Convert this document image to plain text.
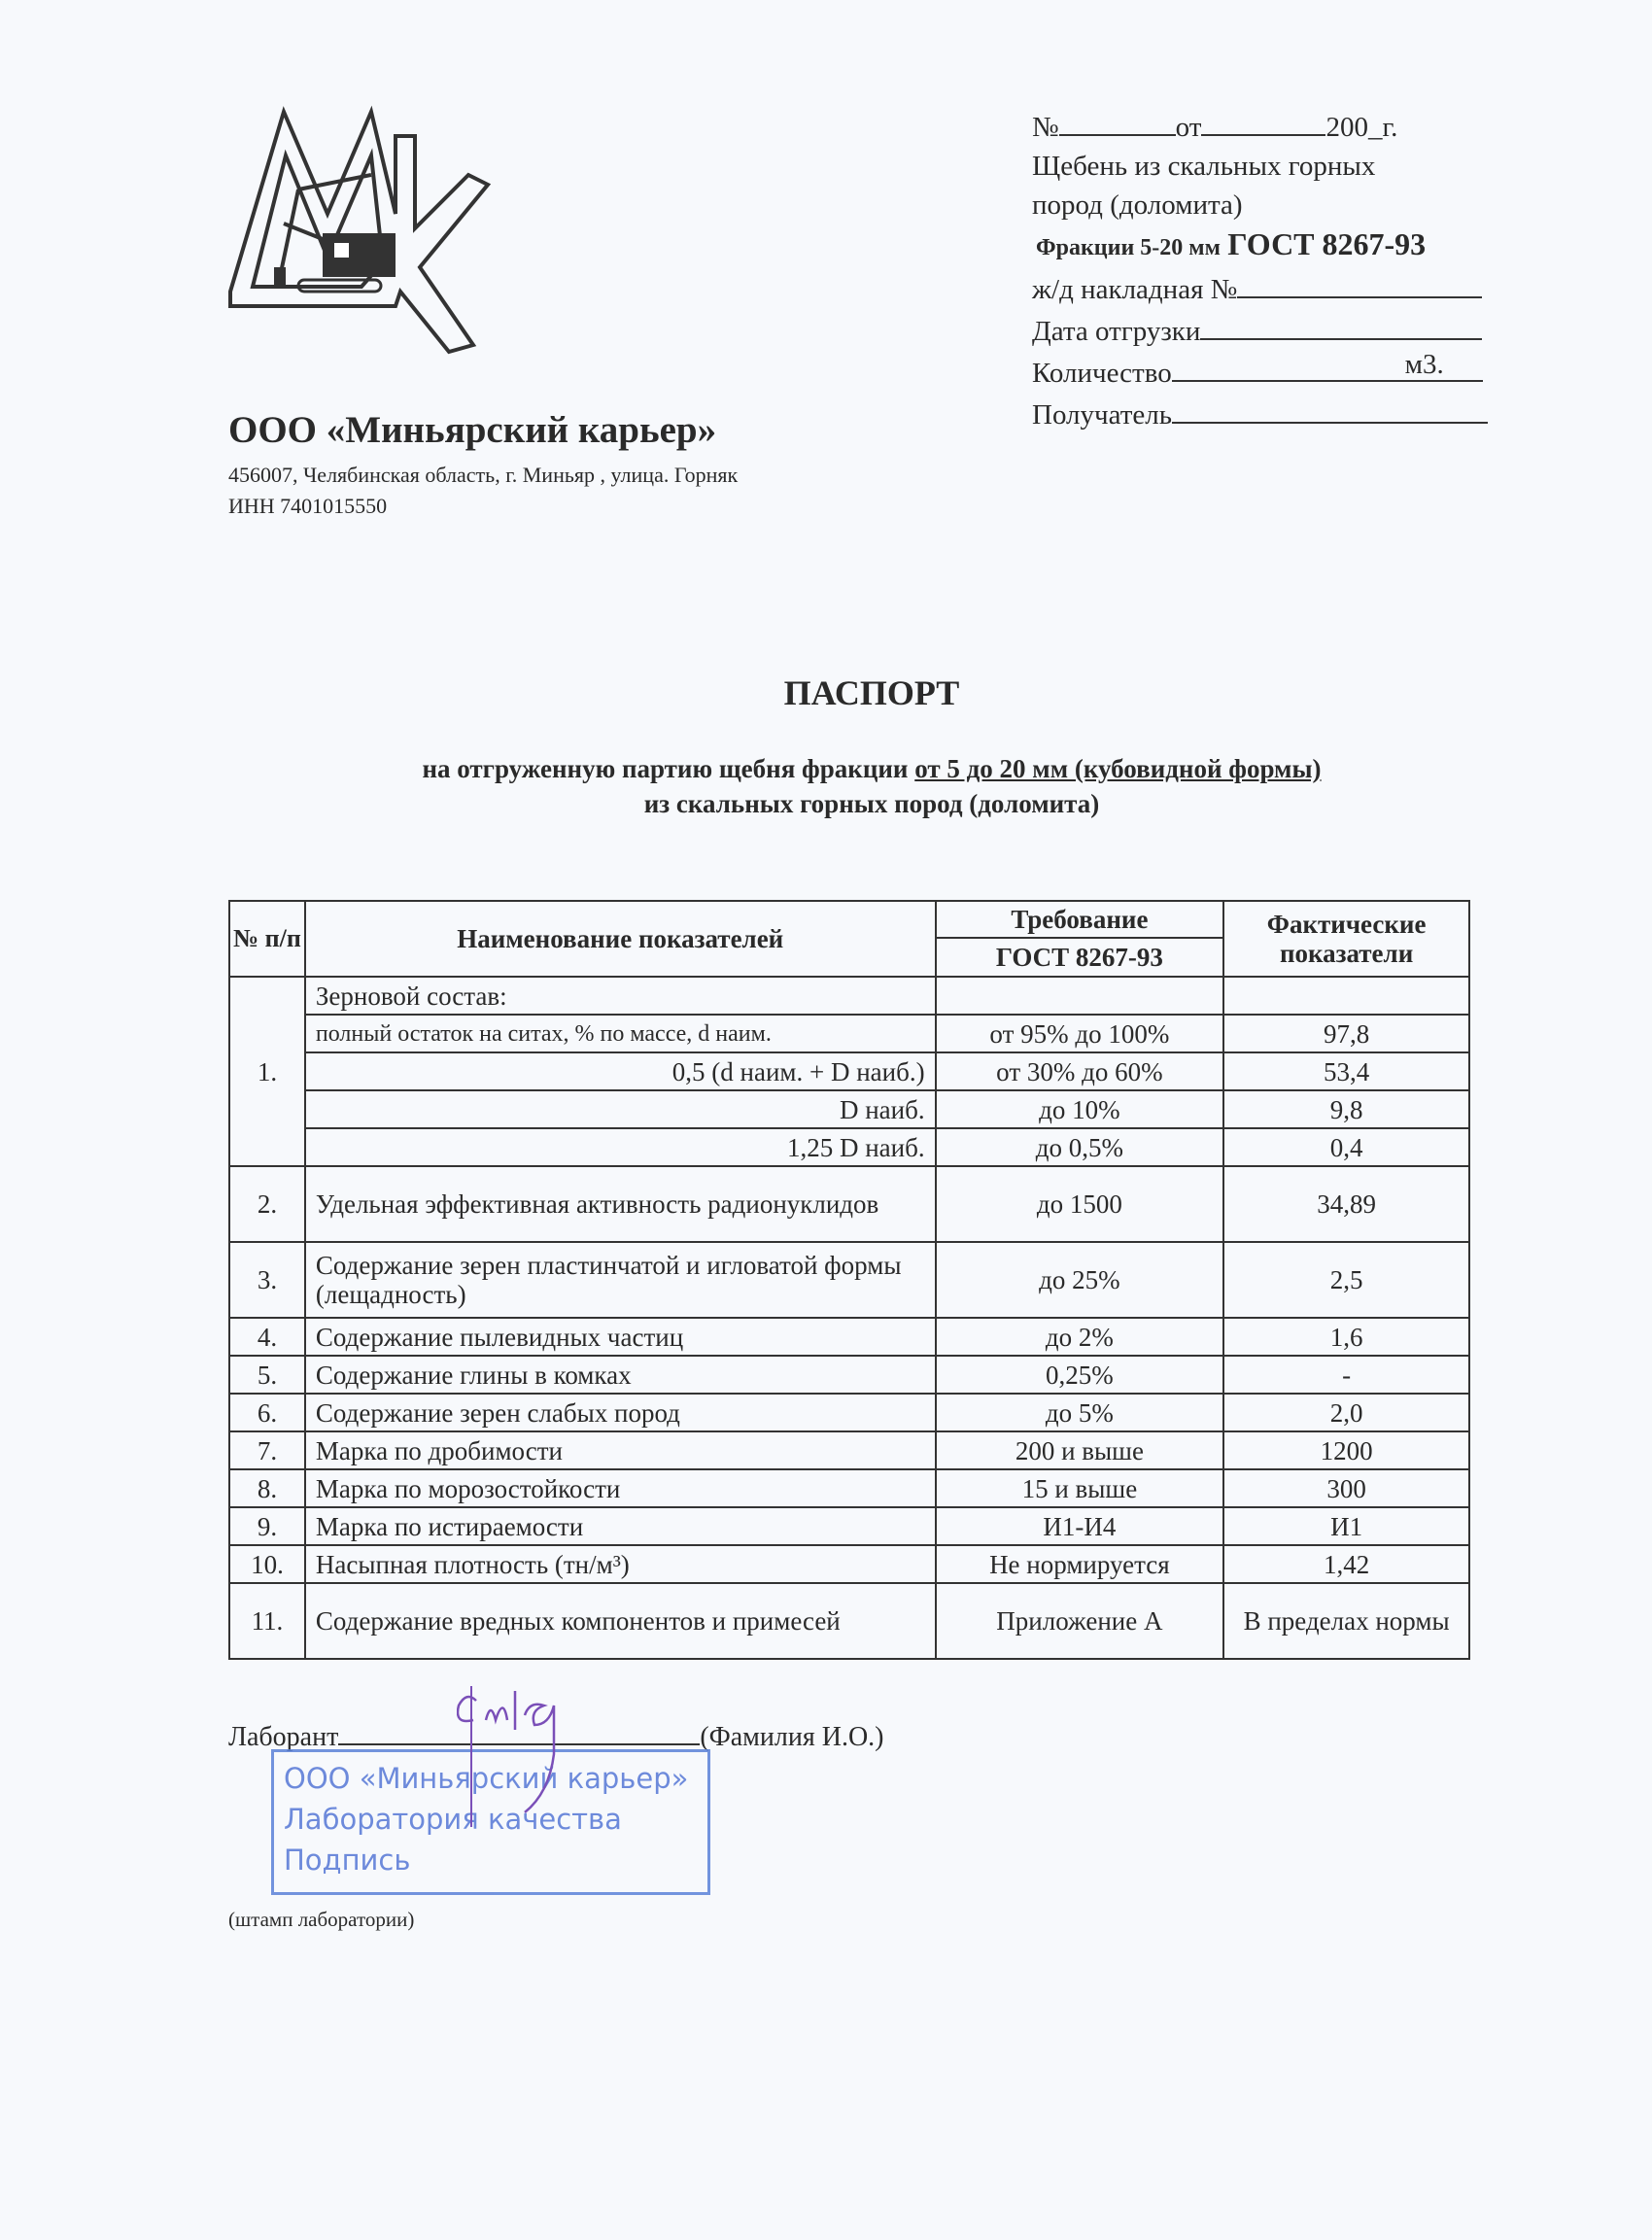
№	от	200_г.
Щебень из скальных горных
пород (доломита)
Фракции 5-20 мм ГОСТ 8267-93
ж/д накладная №
Дата отгрузки
Количество	м3.
Получатель
ООО «Миньярский карьер»
456007, Челябинская область, г. Миньяр , улица. Горняк
ИНН 7401015550
ПАСПОРТ
на отгруженную партию щебня фракции от 5 до 20 мм (кубовидной формы)
из скальных горных пород (доломита)
№ п/п	Наименование показателей	Требование	Фактические показатели
		ГОСТ 8267-93	
1.	Зерновой состав:		
	полный остаток на ситах, % по массе, d наим.	от 95% до 100%	97,8
	0,5 (d наим. + D наиб.)	от 30% до 60%	53,4
	D наиб.	до 10%	9,8
	1,25 D наиб.	до 0,5%	0,4
2.	Удельная эффективная активность радионуклидов	до 1500	34,89
3.	Содержание зерен пластинчатой и игловатой формы (лещадность)	до 25%	2,5
4.	Содержание пылевидных частиц	до 2%	1,6
5.	Содержание глины в комках	0,25%	-
6.	Содержание зерен слабых пород	до 5%	2,0
7.	Марка по дробимости	200 и выше	1200
8.	Марка по морозостойкости	15 и выше	300
9.	Марка по истираемости	И1-И4	И1
10.	Насыпная плотность (тн/м³)	Не нормируется	1,42
11.	Содержание вредных компонентов и примесей	Приложение А	В пределах нормы
Лаборант	(Фамилия И.О.)
ООО «Миньярский карьер»
Лаборатория качества
Подпись
(штамп лаборатории)
